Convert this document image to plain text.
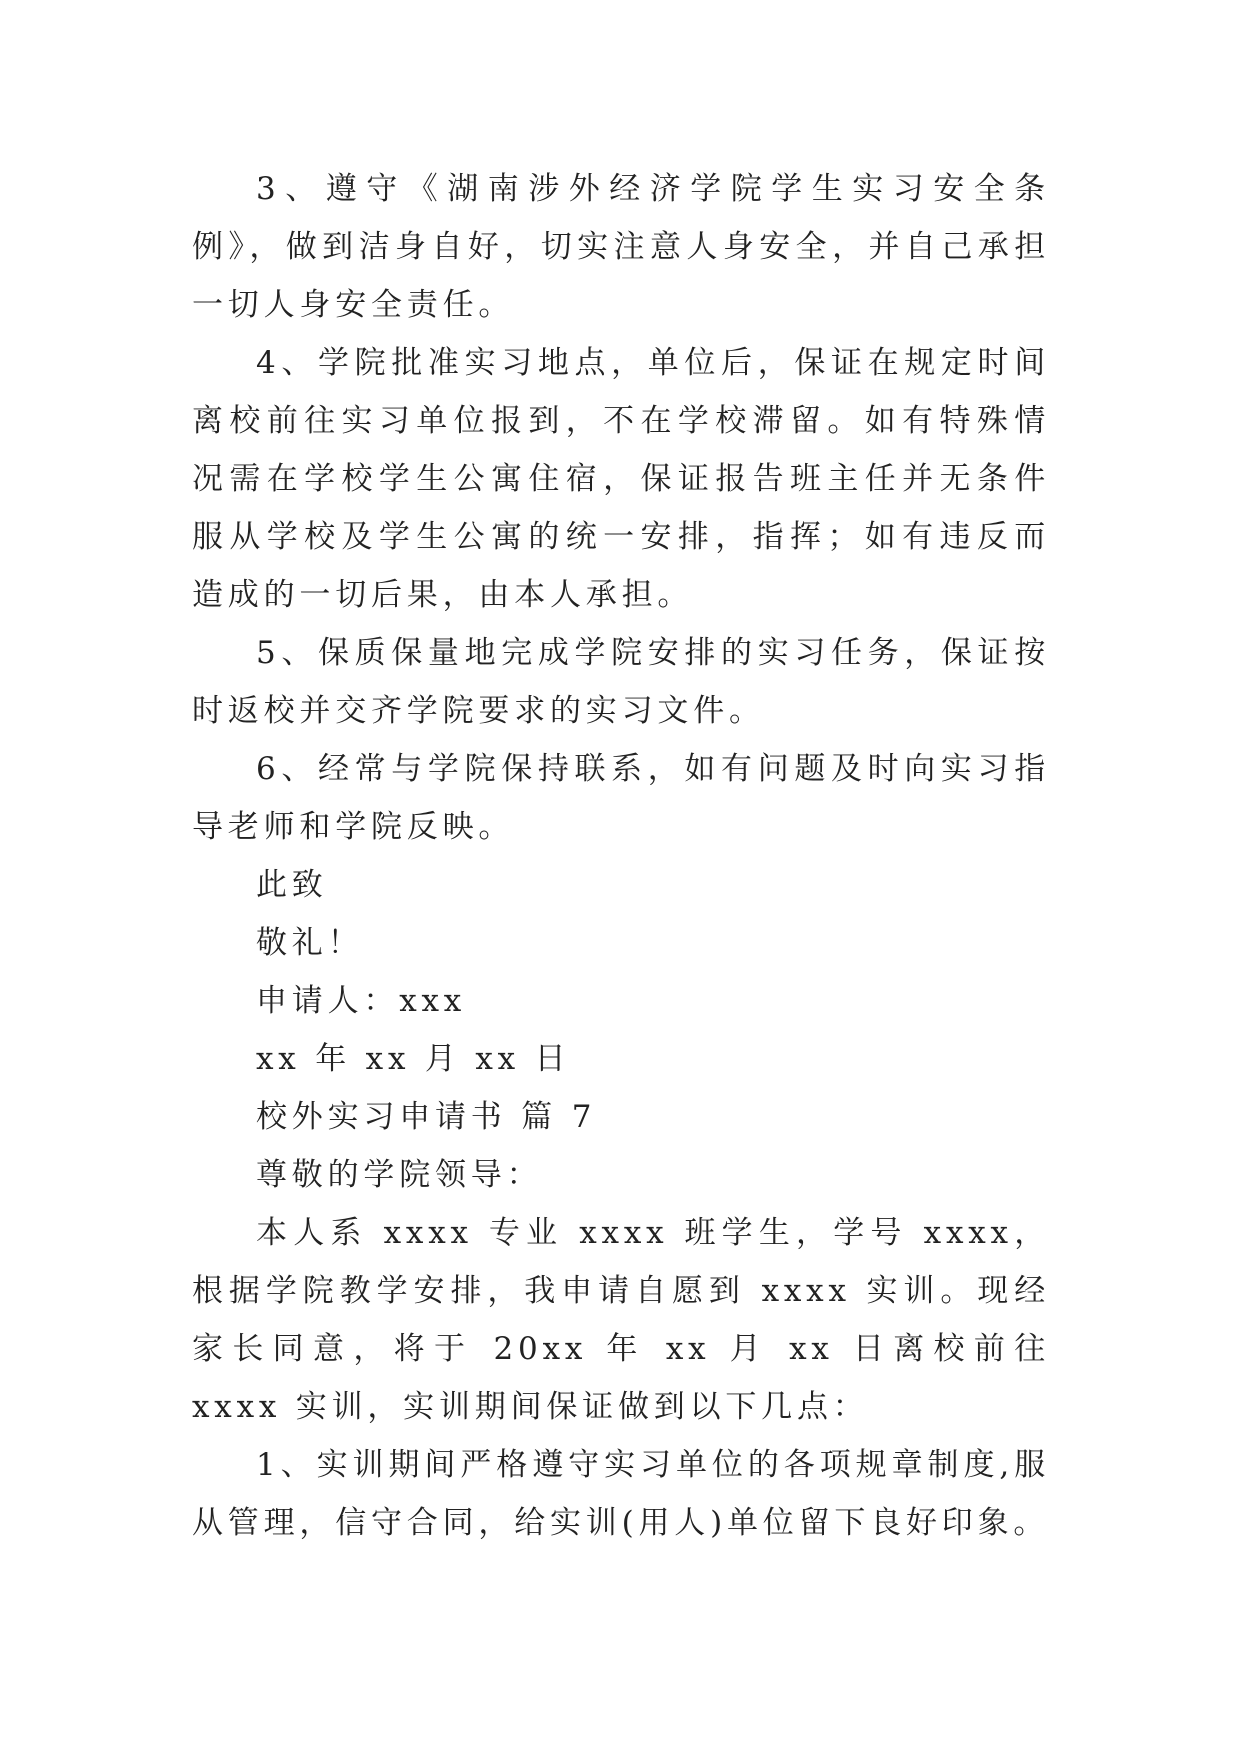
3、遵守《湖南涉外经济学院学生实习安全条例》，做到洁身自好，切实注意人身安全，并自己承担一切人身安全责任。

4、学院批准实习地点，单位后，保证在规定时间离校前往实习单位报到，不在学校滞留。如有特殊情况需在学校学生公寓住宿，保证报告班主任并无条件服从学校及学生公寓的统一安排，指挥；如有违反而造成的一切后果，由本人承担。

5、保质保量地完成学院安排的实习任务，保证按时返校并交齐学院要求的实习文件。

6、经常与学院保持联系，如有问题及时向实习指导老师和学院反映。

此致

敬礼！

申请人：xxx

xx 年 xx 月 xx 日

校外实习申请书 篇 7

尊敬的学院领导：

本人系 xxxx 专业 xxxx 班学生，学号 xxxx，根据学院教学安排，我申请自愿到 xxxx 实训。现经家长同意，将于 20xx 年 xx 月 xx 日离校前往 xxxx 实训，实训期间保证做到以下几点：

1、实训期间严格遵守实习单位的各项规章制度,服从管理，信守合同，给实训(用人)单位留下良好印象。
